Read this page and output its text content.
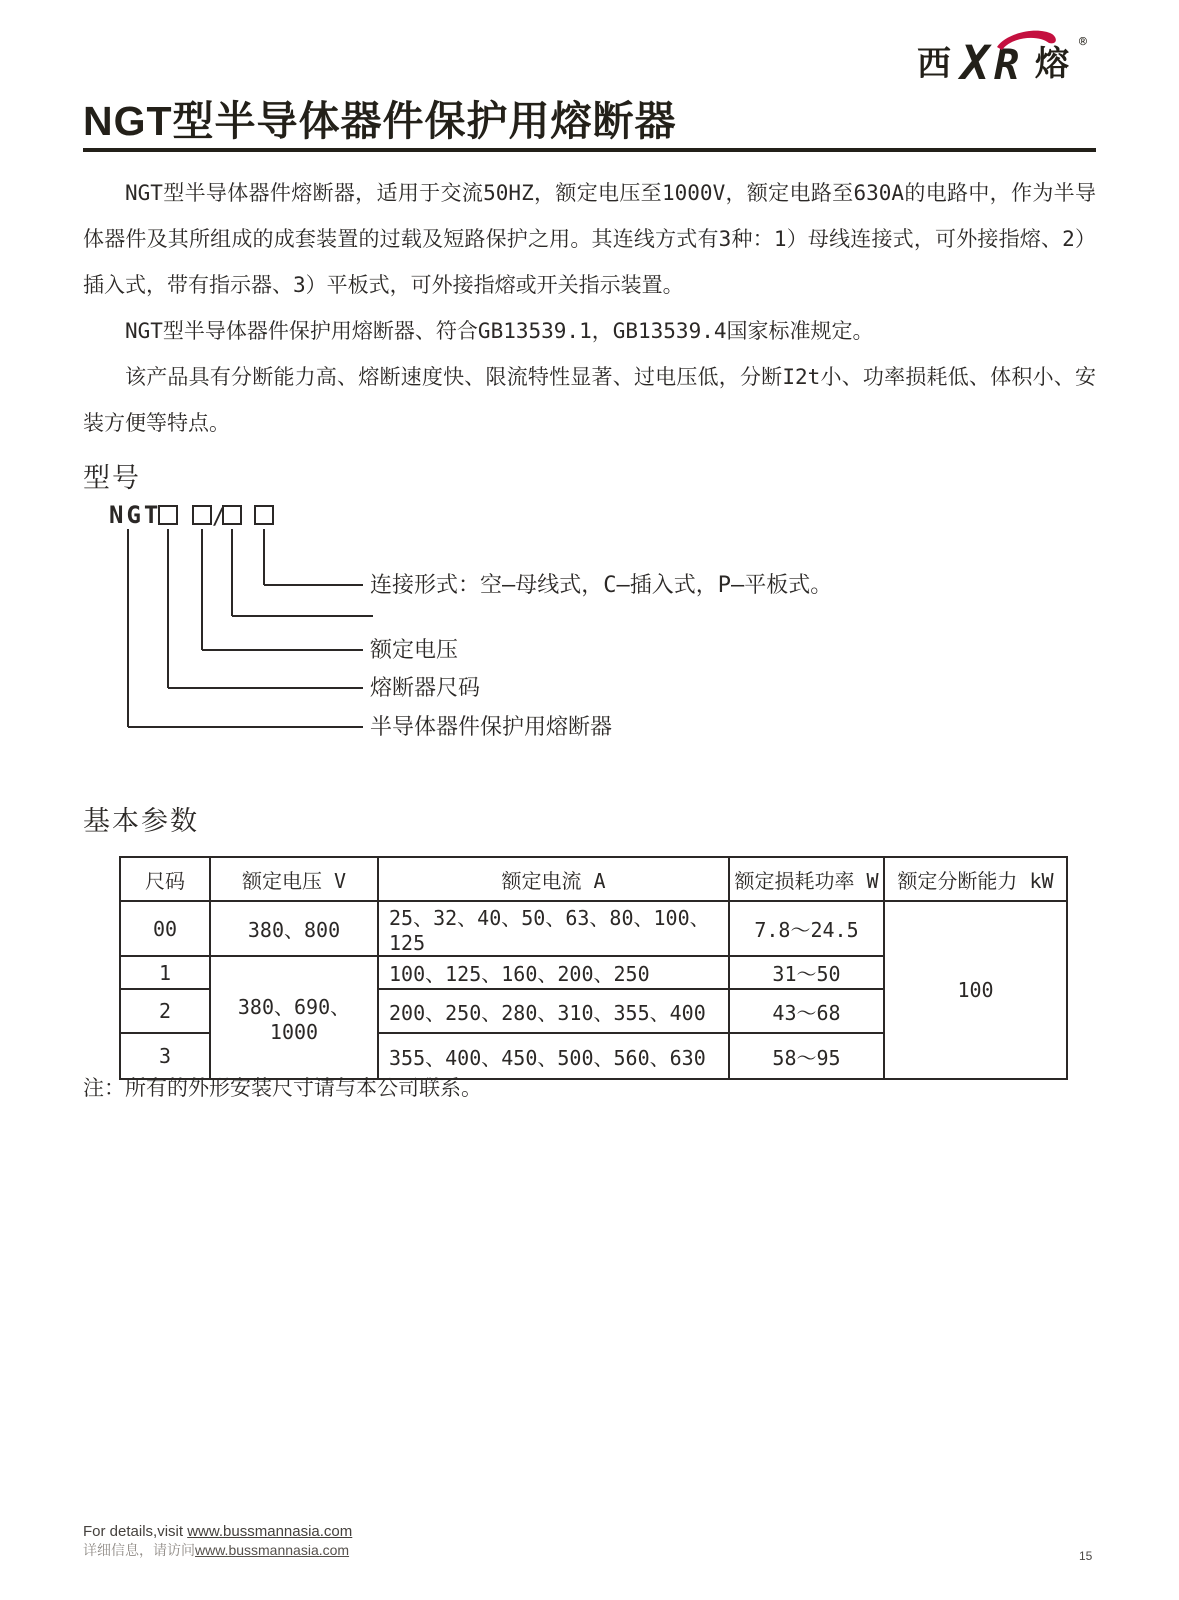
西 X R 熔
®
NGT型半导体器件保护用熔断器

NGT型半导体器件熔断器，适用于交流50HZ，额定电压至1000V，额定电路至630A的电路中，作为半导体器件及其所组成的成套装置的过载及短路保护之用。其连线方式有3种：1）母线连接式，可外接指熔、2）插入式，带有指示器、3）平板式，可外接指熔或开关指示装置。

NGT型半导体器件保护用熔断器、符合GB13539.1，GB13539.4国家标准规定。

该产品具有分断能力高、熔断速度快、限流特性显著、过电压低，分断I2t小、功率损耗低、体积小、安装方便等特点。

型号
NGT /
连接形式：空—母线式，C—插入式，P—平板式。
额定电压
熔断器尺码
半导体器件保护用熔断器
基本参数
尺码	额定电压 V	额定电流 A	额定损耗功率 W	额定分断能力 kW
00	380、800	25、32、40、50、63、80、100、125	7.8～24.5	100
1	380、690、1000	100、125、160、200、250	31～50	
2		200、250、280、310、355、400	43～68	
3		355、400、450、500、560、630	58～95	
注：所有的外形安装尺寸请与本公司联系。
For details,visit www.bussmannasia.com
详细信息，请访问www.bussmannasia.com	15
